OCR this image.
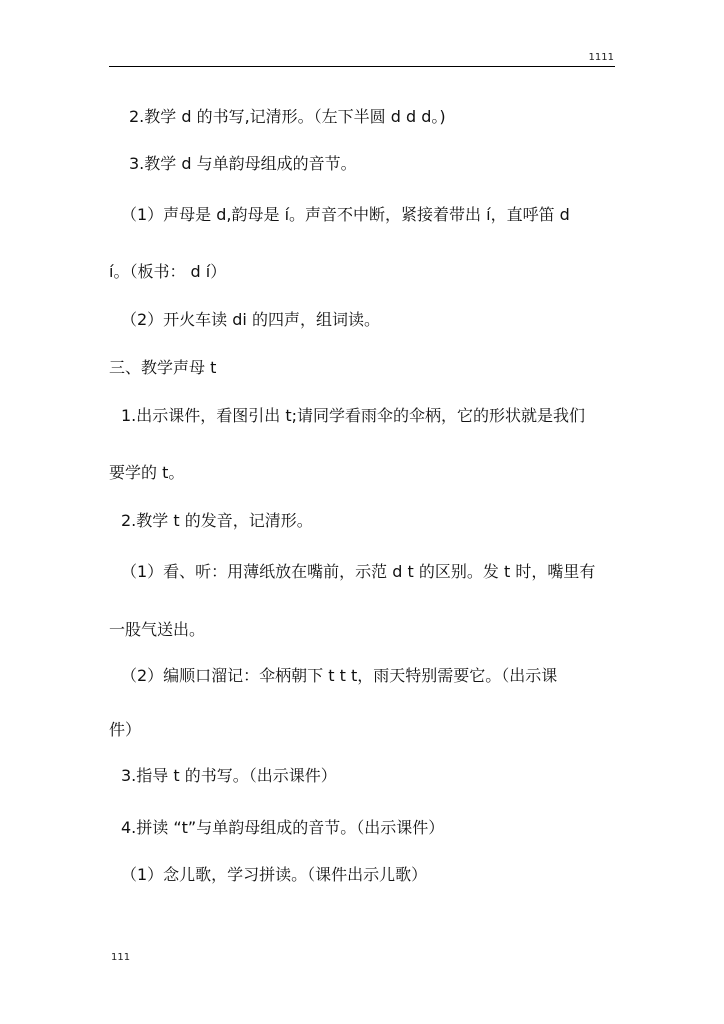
1111
2.教学 d 的书写,记清形。（左下半圆 d d d。)
3.教学 d 与单韵母组成的音节。
（1）声母是 d,韵母是 í。声音不中断，紧接着带出 í，直呼笛 d
í。（板书： d í）
（2）开火车读 di 的四声，组词读。
三、教学声母 t
1.出示课件，看图引出 t;请同学看雨伞的伞柄，它的形状就是我们
要学的 t。
2.教学 t 的发音，记清形。
（1）看、听：用薄纸放在嘴前，示范 d t 的区别。发 t 时，嘴里有
一股气送出。
（2）编顺口溜记：伞柄朝下 t t t，雨天特别需要它。（出示课
件）
3.指导 t 的书写。（出示课件）
4.拼读 “t”与单韵母组成的音节。（出示课件）
（1）念儿歌，学习拼读。（课件出示儿歌）
111
